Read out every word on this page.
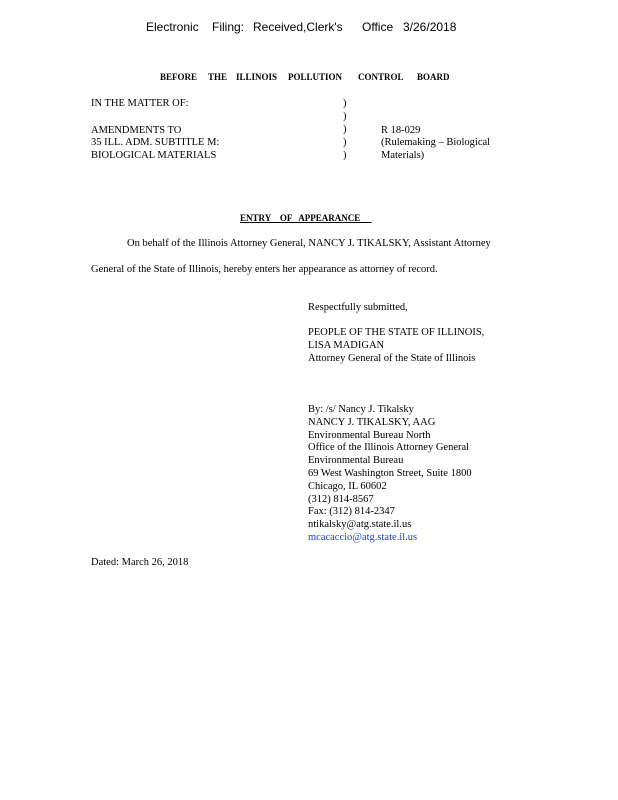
Electronic Filing: Received,Clerk's Office 3/26/2018
BEFORE THE ILLINOIS POLLUTION CONTROL BOARD
IN THE MATTER OF:
AMENDMENTS TO
35 ILL. ADM. SUBTITLE M:
BIOLOGICAL MATERIALS
)
)
)
)
)
R 18-029
(Rulemaking – Biological
Materials)
ENTRY    OF   APPEARANCE
On behalf of the Illinois Attorney General, NANCY J. TIKALSKY, Assistant Attorney
General of the State of Illinois, hereby enters her appearance as attorney of record.
Respectfully submitted,
PEOPLE OF THE STATE OF ILLINOIS,
LISA MADIGAN
Attorney General of the State of Illinois
By: /s/ Nancy J. Tikalsky
NANCY J. TIKALSKY, AAG
Environmental Bureau North
Office of the Illinois Attorney General
Environmental Bureau
69 West Washington Street, Suite 1800
Chicago, IL 60602
(312) 814-8567
Fax: (312) 814-2347
ntikalsky@atg.state.il.us
mcacaccio@atg.state.il.us
Dated: March 26, 2018
